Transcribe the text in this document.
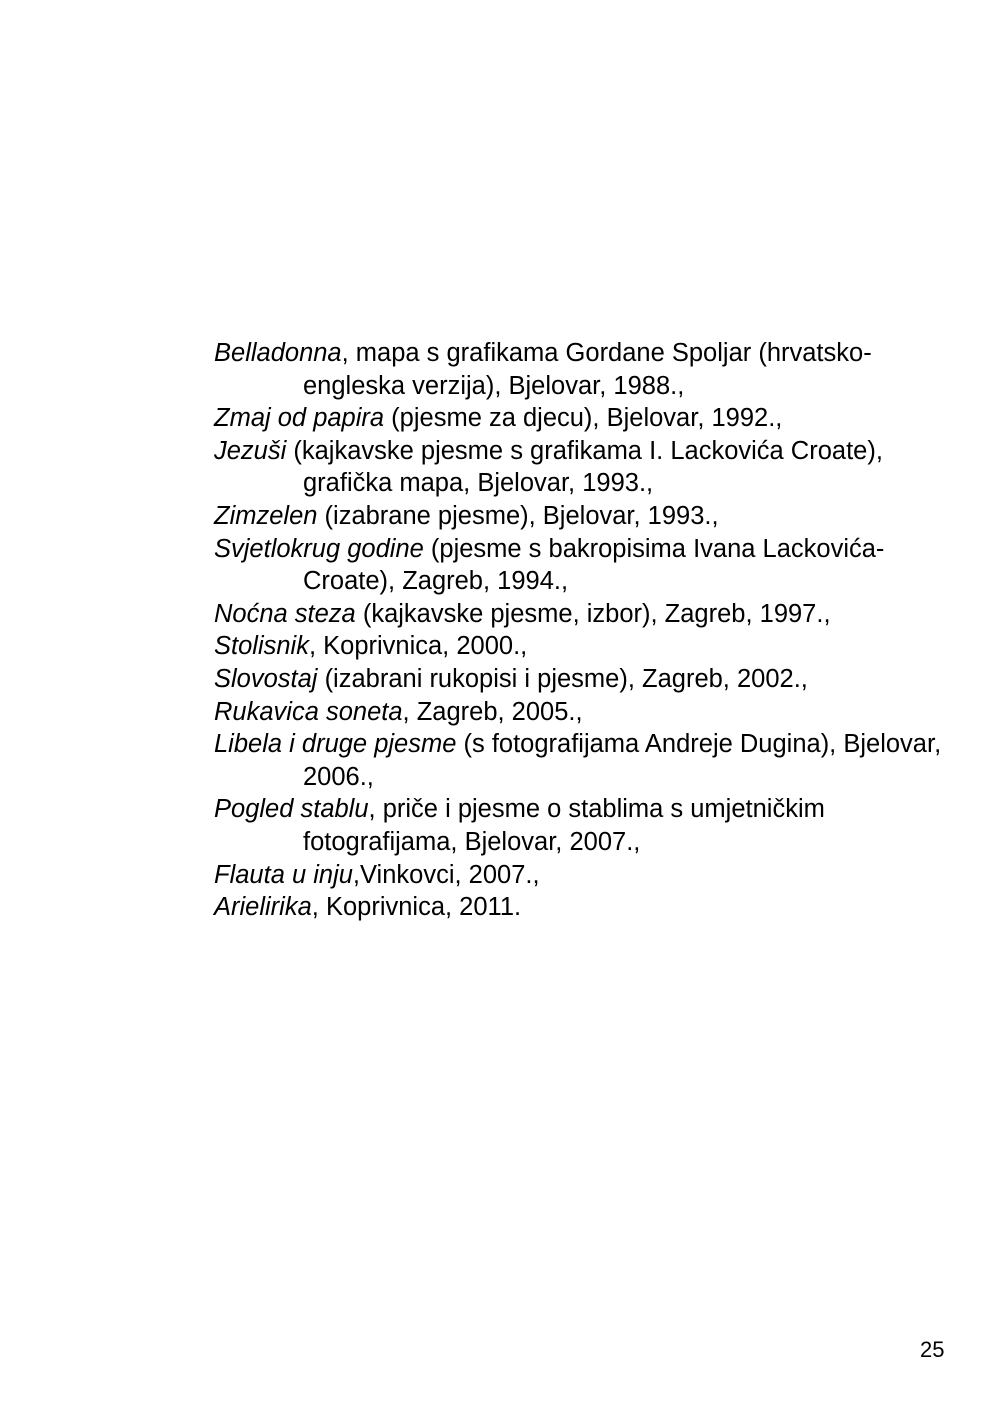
Belladonna, mapa s grafikama Gordane Spoljar (hrvatsko-engleska verzija), Bjelovar, 1988.,
Zmaj od papira (pjesme za djecu), Bjelovar, 1992.,
Jezuši (kajkavske pjesme s grafikama I. Lackovića Croate), grafička mapa, Bjelovar, 1993.,
Zimzelen (izabrane pjesme), Bjelovar, 1993.,
Svjetlokrug godine (pjesme s bakropisima Ivana Lackovića-Croate), Zagreb, 1994.,
Noćna steza (kajkavske pjesme, izbor), Zagreb, 1997.,
Stolisnik, Koprivnica, 2000.,
Slovostaj (izabrani rukopisi i pjesme), Zagreb, 2002.,
Rukavica soneta, Zagreb, 2005.,
Libela i druge pjesme (s fotografijama Andreje Dugina), Bjelovar, 2006.,
Pogled stablu, priče i pjesme o stablima s umjetničkim fotografijama, Bjelovar, 2007.,
Flauta u inju,Vinkovci, 2007.,
Arielirika, Koprivnica, 2011.
25
